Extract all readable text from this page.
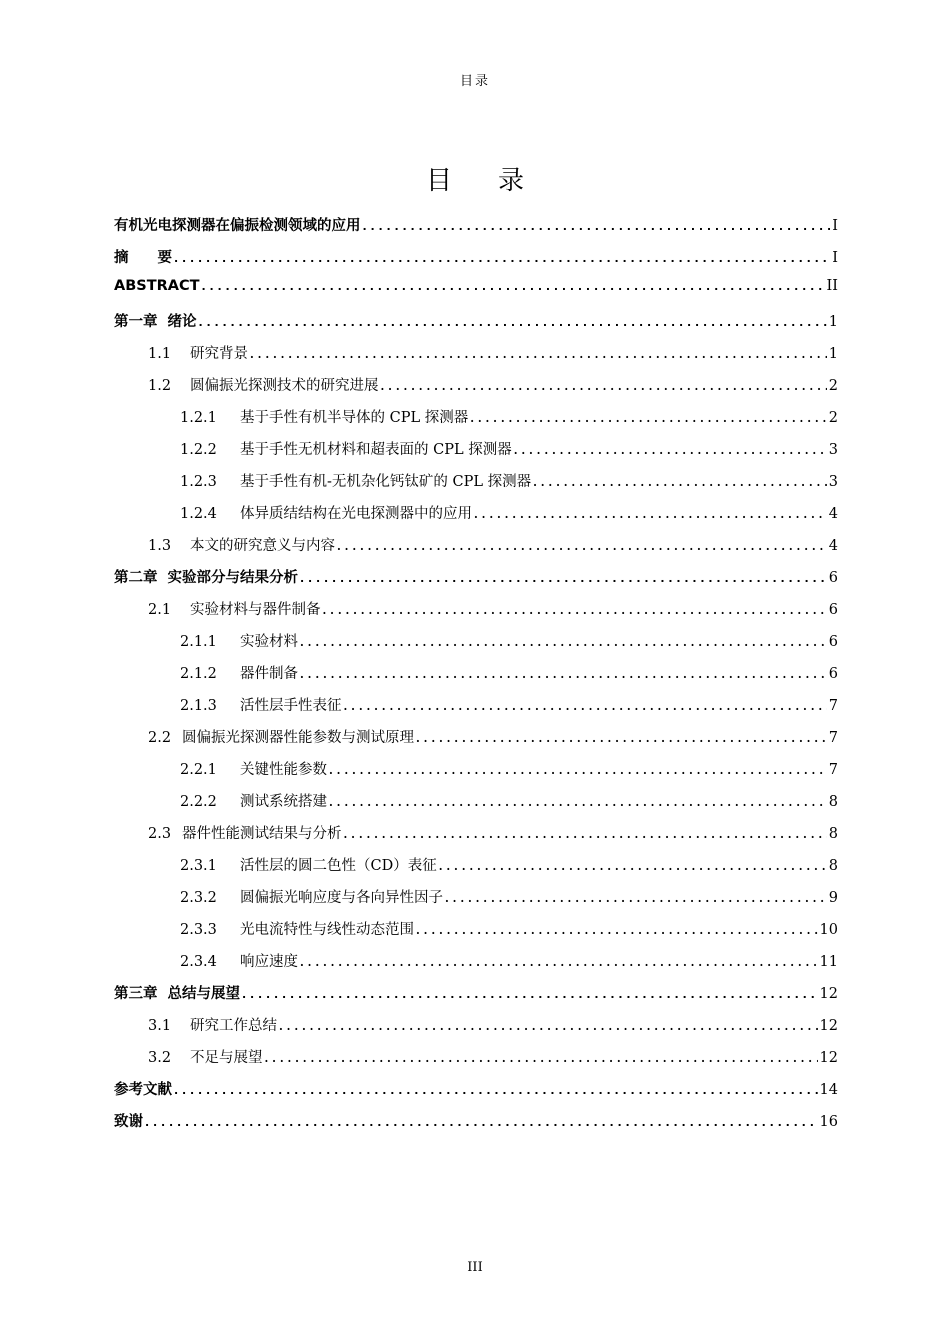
目录
目 录
有机光电探测器在偏振检测领域的应用 . . .	I
摘　　要 . . .	I
ABSTRACT . . .	II
第一章 绪论 . . .	1
1.1	研究背景 . . .	1
1.2	圆偏振光探测技术的研究进展 . . .	2
1.2.1	基于手性有机半导体的 CPL 探测器 . . .	2
1.2.2	基于手性无机材料和超表面的 CPL 探测器 . . .	3
1.2.3	基于手性有机-无机杂化钙钛矿的 CPL 探测器 . . .	3
1.2.4	体异质结结构在光电探测器中的应用 . . .	4
1.3	本文的研究意义与内容 . . .	4
第二章 实验部分与结果分析 . . .	6
2.1	实验材料与器件制备 . . .	6
2.1.1	实验材料 . . .	6
2.1.2	器件制备 . . .	6
2.1.3	活性层手性表征 . . .	7
2.2 圆偏振光探测器性能参数与测试原理 . . .	7
2.2.1	关键性能参数 . . .	7
2.2.2	测试系统搭建 . . .	8
2.3 器件性能测试结果与分析 . . .	8
2.3.1	活性层的圆二色性（CD）表征 . . .	8
2.3.2	圆偏振光响应度与各向异性因子 . . .	9
2.3.3	光电流特性与线性动态范围 . . .	10
2.3.4	响应速度 . . .	11
第三章 总结与展望 . . .	12
3.1	研究工作总结 . . .	12
3.2	不足与展望 . . .	12
参考文献 . . .	14
致谢 . . .	16
III
